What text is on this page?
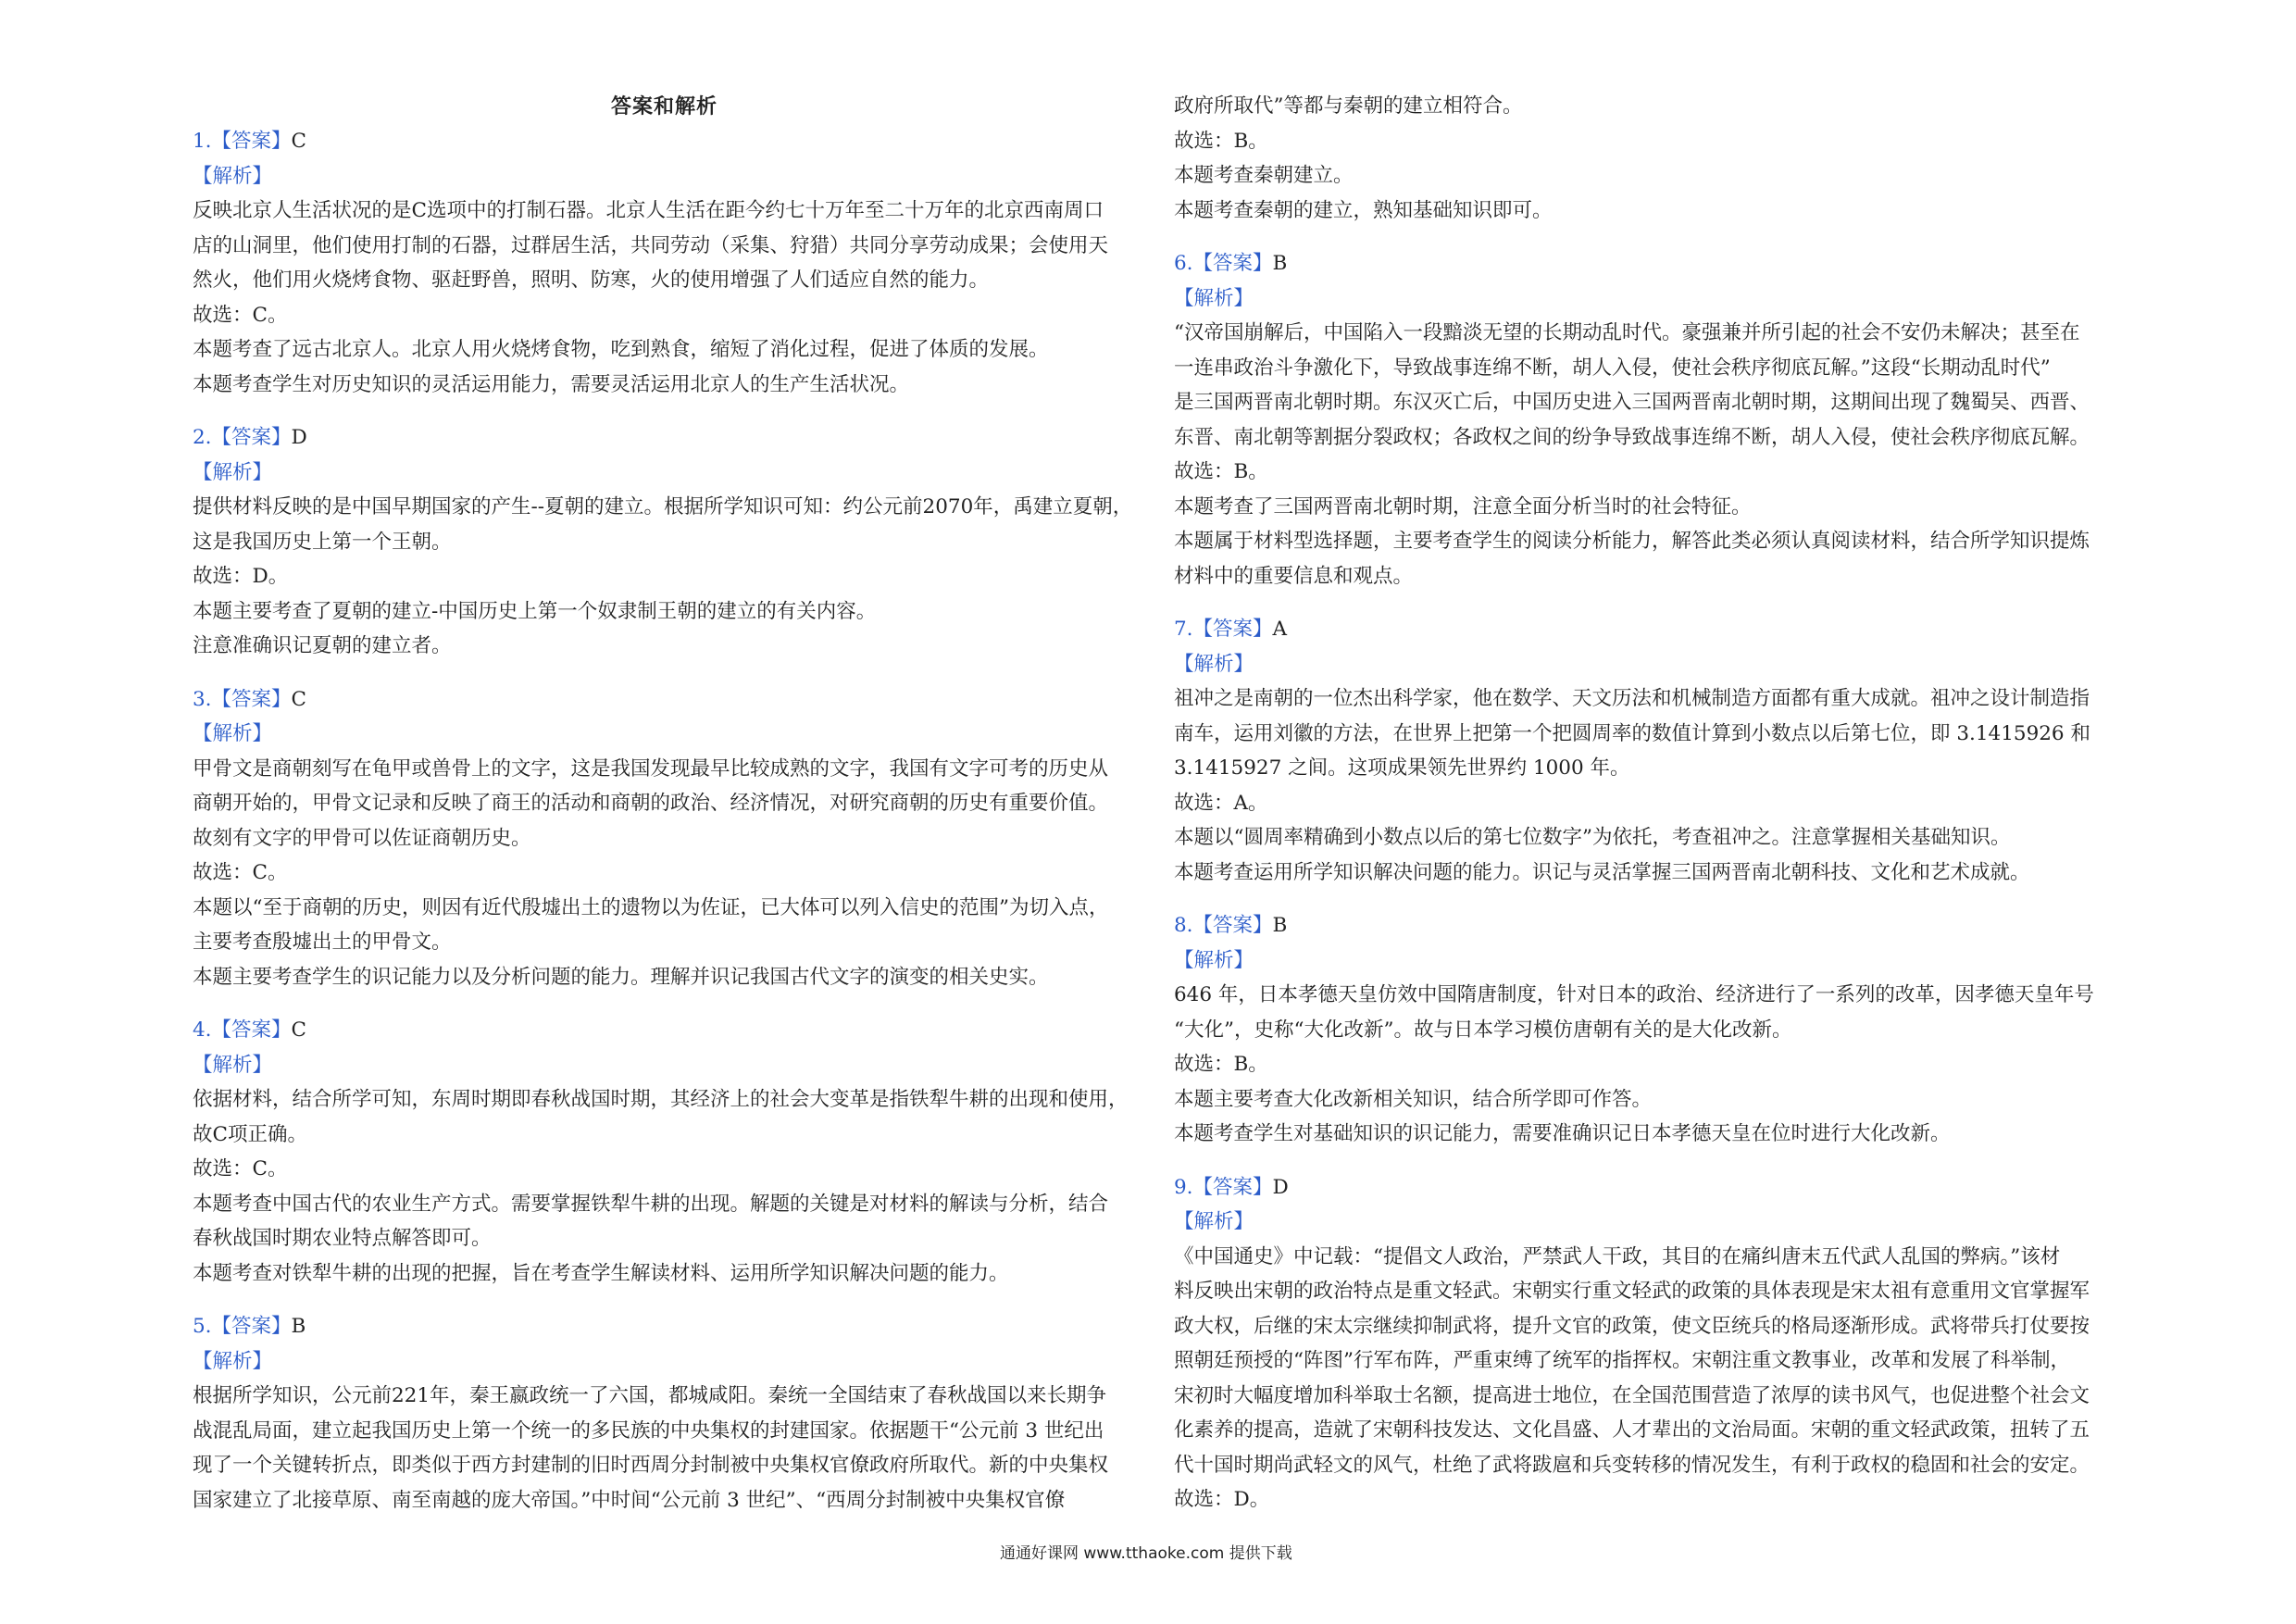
答案和解析
1.【答案】C
【解析】
反映北京人生活状况的是C选项中的打制石器。北京人生活在距今约七十万年至二十万年的北京西南周口
店的山洞里，他们使用打制的石器，过群居生活，共同劳动（采集、狩猎）共同分享劳动成果；会使用天
然火，他们用火烧烤食物、驱赶野兽，照明、防寒，火的使用增强了人们适应自然的能力。
故选：C。
本题考查了远古北京人。北京人用火烧烤食物，吃到熟食，缩短了消化过程，促进了体质的发展。
本题考查学生对历史知识的灵活运用能力，需要灵活运用北京人的生产生活状况。
2.【答案】D
【解析】
提供材料反映的是中国早期国家的产生--夏朝的建立。根据所学知识可知：约公元前2070年，禹建立夏朝，
这是我国历史上第一个王朝。
故选：D。
本题主要考查了夏朝的建立-中国历史上第一个奴隶制王朝的建立的有关内容。
注意准确识记夏朝的建立者。
3.【答案】C
【解析】
甲骨文是商朝刻写在龟甲或兽骨上的文字，这是我国发现最早比较成熟的文字，我国有文字可考的历史从
商朝开始的，甲骨文记录和反映了商王的活动和商朝的政治、经济情况，对研究商朝的历史有重要价值。
故刻有文字的甲骨可以佐证商朝历史。
故选：C。
本题以“至于商朝的历史，则因有近代殷墟出土的遗物以为佐证，已大体可以列入信史的范围”为切入点，
主要考查殷墟出土的甲骨文。
本题主要考查学生的识记能力以及分析问题的能力。理解并识记我国古代文字的演变的相关史实。
4.【答案】C
【解析】
依据材料，结合所学可知，东周时期即春秋战国时期，其经济上的社会大变革是指铁犁牛耕的出现和使用，
故C项正确。
故选：C。
本题考查中国古代的农业生产方式。需要掌握铁犁牛耕的出现。解题的关键是对材料的解读与分析，结合
春秋战国时期农业特点解答即可。
本题考查对铁犁牛耕的出现的把握，旨在考查学生解读材料、运用所学知识解决问题的能力。
5.【答案】B
【解析】
根据所学知识，公元前221年，秦王嬴政统一了六国，都城咸阳。秦统一全国结束了春秋战国以来长期争
战混乱局面，建立起我国历史上第一个统一的多民族的中央集权的封建国家。依据题干“公元前 3 世纪出
现了一个关键转折点，即类似于西方封建制的旧时西周分封制被中央集权官僚政府所取代。新的中央集权
国家建立了北接草原、南至南越的庞大帝国。”中时间“公元前 3 世纪”、“西周分封制被中央集权官僚
政府所取代”等都与秦朝的建立相符合。
故选：B。
本题考查秦朝建立。
本题考查秦朝的建立，熟知基础知识即可。
6.【答案】B
【解析】
“汉帝国崩解后，中国陷入一段黯淡无望的长期动乱时代。豪强兼并所引起的社会不安仍未解决；甚至在
一连串政治斗争激化下，导致战事连绵不断，胡人入侵，使社会秩序彻底瓦解。”这段“长期动乱时代”
是三国两晋南北朝时期。东汉灭亡后，中国历史进入三国两晋南北朝时期，这期间出现了魏蜀吴、西晋、
东晋、南北朝等割据分裂政权；各政权之间的纷争导致战事连绵不断，胡人入侵，使社会秩序彻底瓦解。
故选：B。
本题考查了三国两晋南北朝时期，注意全面分析当时的社会特征。
本题属于材料型选择题，主要考查学生的阅读分析能力，解答此类必须认真阅读材料，结合所学知识提炼
材料中的重要信息和观点。
7.【答案】A
【解析】
祖冲之是南朝的一位杰出科学家，他在数学、天文历法和机械制造方面都有重大成就。祖冲之设计制造指
南车，运用刘徽的方法，在世界上把第一个把圆周率的数值计算到小数点以后第七位，即 3.1415926 和
3.1415927 之间。这项成果领先世界约 1000 年。
故选：A。
本题以“圆周率精确到小数点以后的第七位数字”为依托，考查祖冲之。注意掌握相关基础知识。
本题考查运用所学知识解决问题的能力。识记与灵活掌握三国两晋南北朝科技、文化和艺术成就。
8.【答案】B
【解析】
646 年，日本孝德天皇仿效中国隋唐制度，针对日本的政治、经济进行了一系列的改革，因孝德天皇年号
“大化”，史称“大化改新”。故与日本学习模仿唐朝有关的是大化改新。
故选：B。
本题主要考查大化改新相关知识，结合所学即可作答。
本题考查学生对基础知识的识记能力，需要准确识记日本孝德天皇在位时进行大化改新。
9.【答案】D
【解析】
《中国通史》中记载：“提倡文人政治，严禁武人干政，其目的在痛纠唐末五代武人乱国的弊病。”该材
料反映出宋朝的政治特点是重文轻武。宋朝实行重文轻武的政策的具体表现是宋太祖有意重用文官掌握军
政大权，后继的宋太宗继续抑制武将，提升文官的政策，使文臣统兵的格局逐渐形成。武将带兵打仗要按
照朝廷预授的“阵图”行军布阵，严重束缚了统军的指挥权。宋朝注重文教事业，改革和发展了科举制，
宋初时大幅度增加科举取士名额，提高进士地位，在全国范围营造了浓厚的读书风气，也促进整个社会文
化素养的提高，造就了宋朝科技发达、文化昌盛、人才辈出的文治局面。宋朝的重文轻武政策，扭转了五
代十国时期尚武轻文的风气，杜绝了武将跋扈和兵变转移的情况发生，有利于政权的稳固和社会的安定。
故选：D。
通通好课网 www.tthaoke.com 提供下载
